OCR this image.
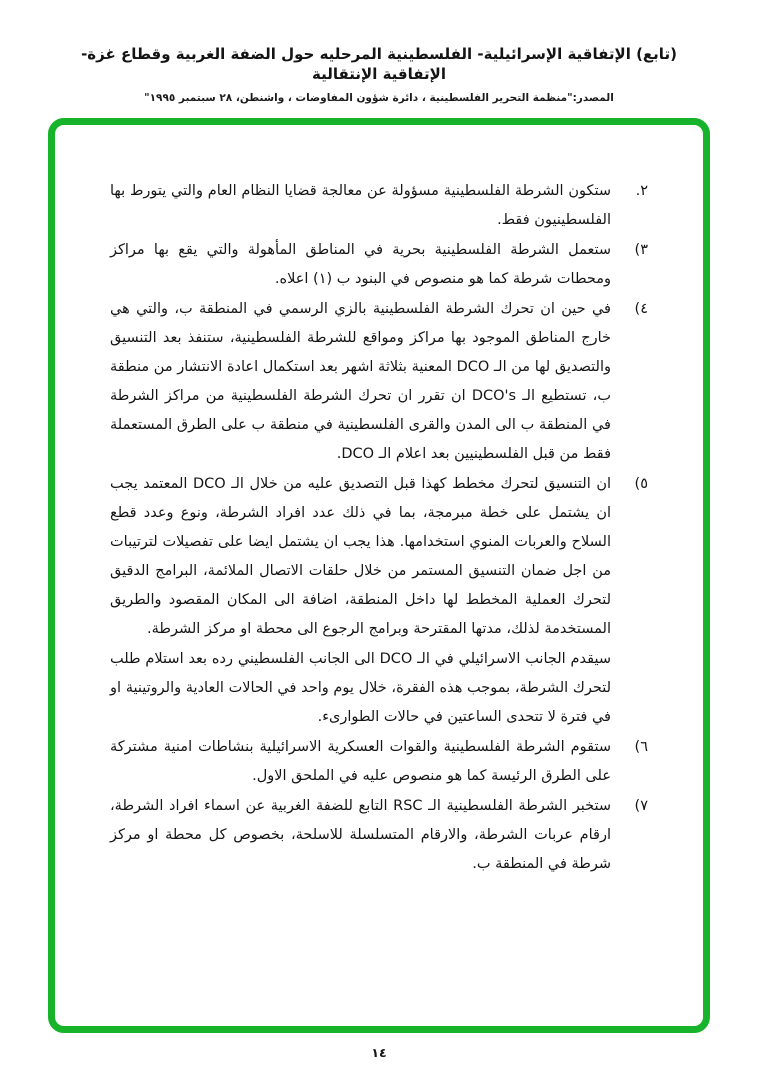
(تابع) الإتفاقية الإسرائيلية- الفلسطينية المرحليه حول الضفة الغربية وقطاع غزة- الإتفاقية الإنتقالية
المصدر:"منظمة التحرير الفلسطينية ، دائرة شؤون المفاوضات ، واشنطن، ٢٨ سبتمبر ١٩٩٥"
٢.
ستكون الشرطة الفلسطينية مسؤولة عن معالجة قضايا النظام العام والتي يتورط بها الفلسطينيون فقط.
٣)
ستعمل الشرطة الفلسطينية بحرية في المناطق المأهولة والتي يقع بها مراكز ومحطات شرطة كما هو منصوص في البنود ب (١) اعلاه.
٤)
في حين ان تحرك الشرطة الفلسطينية بالزي الرسمي في المنطقة ب، والتي هي خارج المناطق الموجود بها مراكز ومواقع للشرطة الفلسطينية، ستنفذ بعد التنسيق والتصديق لها من الـ DCO المعنية بثلاثة اشهر بعد استكمال اعادة الانتشار من منطقة ب، تستطيع الـ DCO's ان تقرر ان تحرك الشرطة الفلسطينية من مراكز الشرطة في المنطقة ب الى المدن والقرى الفلسطينية في منطقة ب على الطرق المستعملة فقط من قبل الفلسطينيين بعد اعلام الـ DCO.
٥)
ان التنسيق لتحرك مخطط كهذا قبل التصديق عليه من خلال الـ DCO المعتمد يجب ان يشتمل على خطة مبرمجة، بما في ذلك عدد افراد الشرطة، ونوع وعدد قطع السلاح والعربات المنوي استخدامها. هذا يجب ان يشتمل ايضا على تفصيلات لترتيبات من اجل ضمان التنسيق المستمر من خلال حلقات الاتصال الملائمة، البرامج الدقيق لتحرك العملية المخطط لها داخل المنطقة، اضافة الى المكان المقصود والطريق المستخدمة لذلك، مدتها المقترحة وبرامج الرجوع الى محطة او مركز الشرطة.
سيقدم الجانب الاسرائيلي في الـ DCO الى الجانب الفلسطيني رده بعد استلام طلب لتحرك الشرطة، بموجب هذه الفقرة، خلال يوم واحد في الحالات العادية والروتينية او في فترة لا تتحدى الساعتين في حالات الطوارىء.
٦)
ستقوم الشرطة الفلسطينية والقوات العسكرية الاسرائيلية بنشاطات امنية مشتركة على الطرق الرئيسة كما هو منصوص عليه في الملحق الاول.
٧)
ستخبر الشرطة الفلسطينية الـ RSC التابع للضفة الغربية عن اسماء افراد الشرطة، ارقام عربات الشرطة، والارقام المتسلسلة للاسلحة، بخصوص كل محطة او مركز شرطة في المنطقة ب.
١٤
